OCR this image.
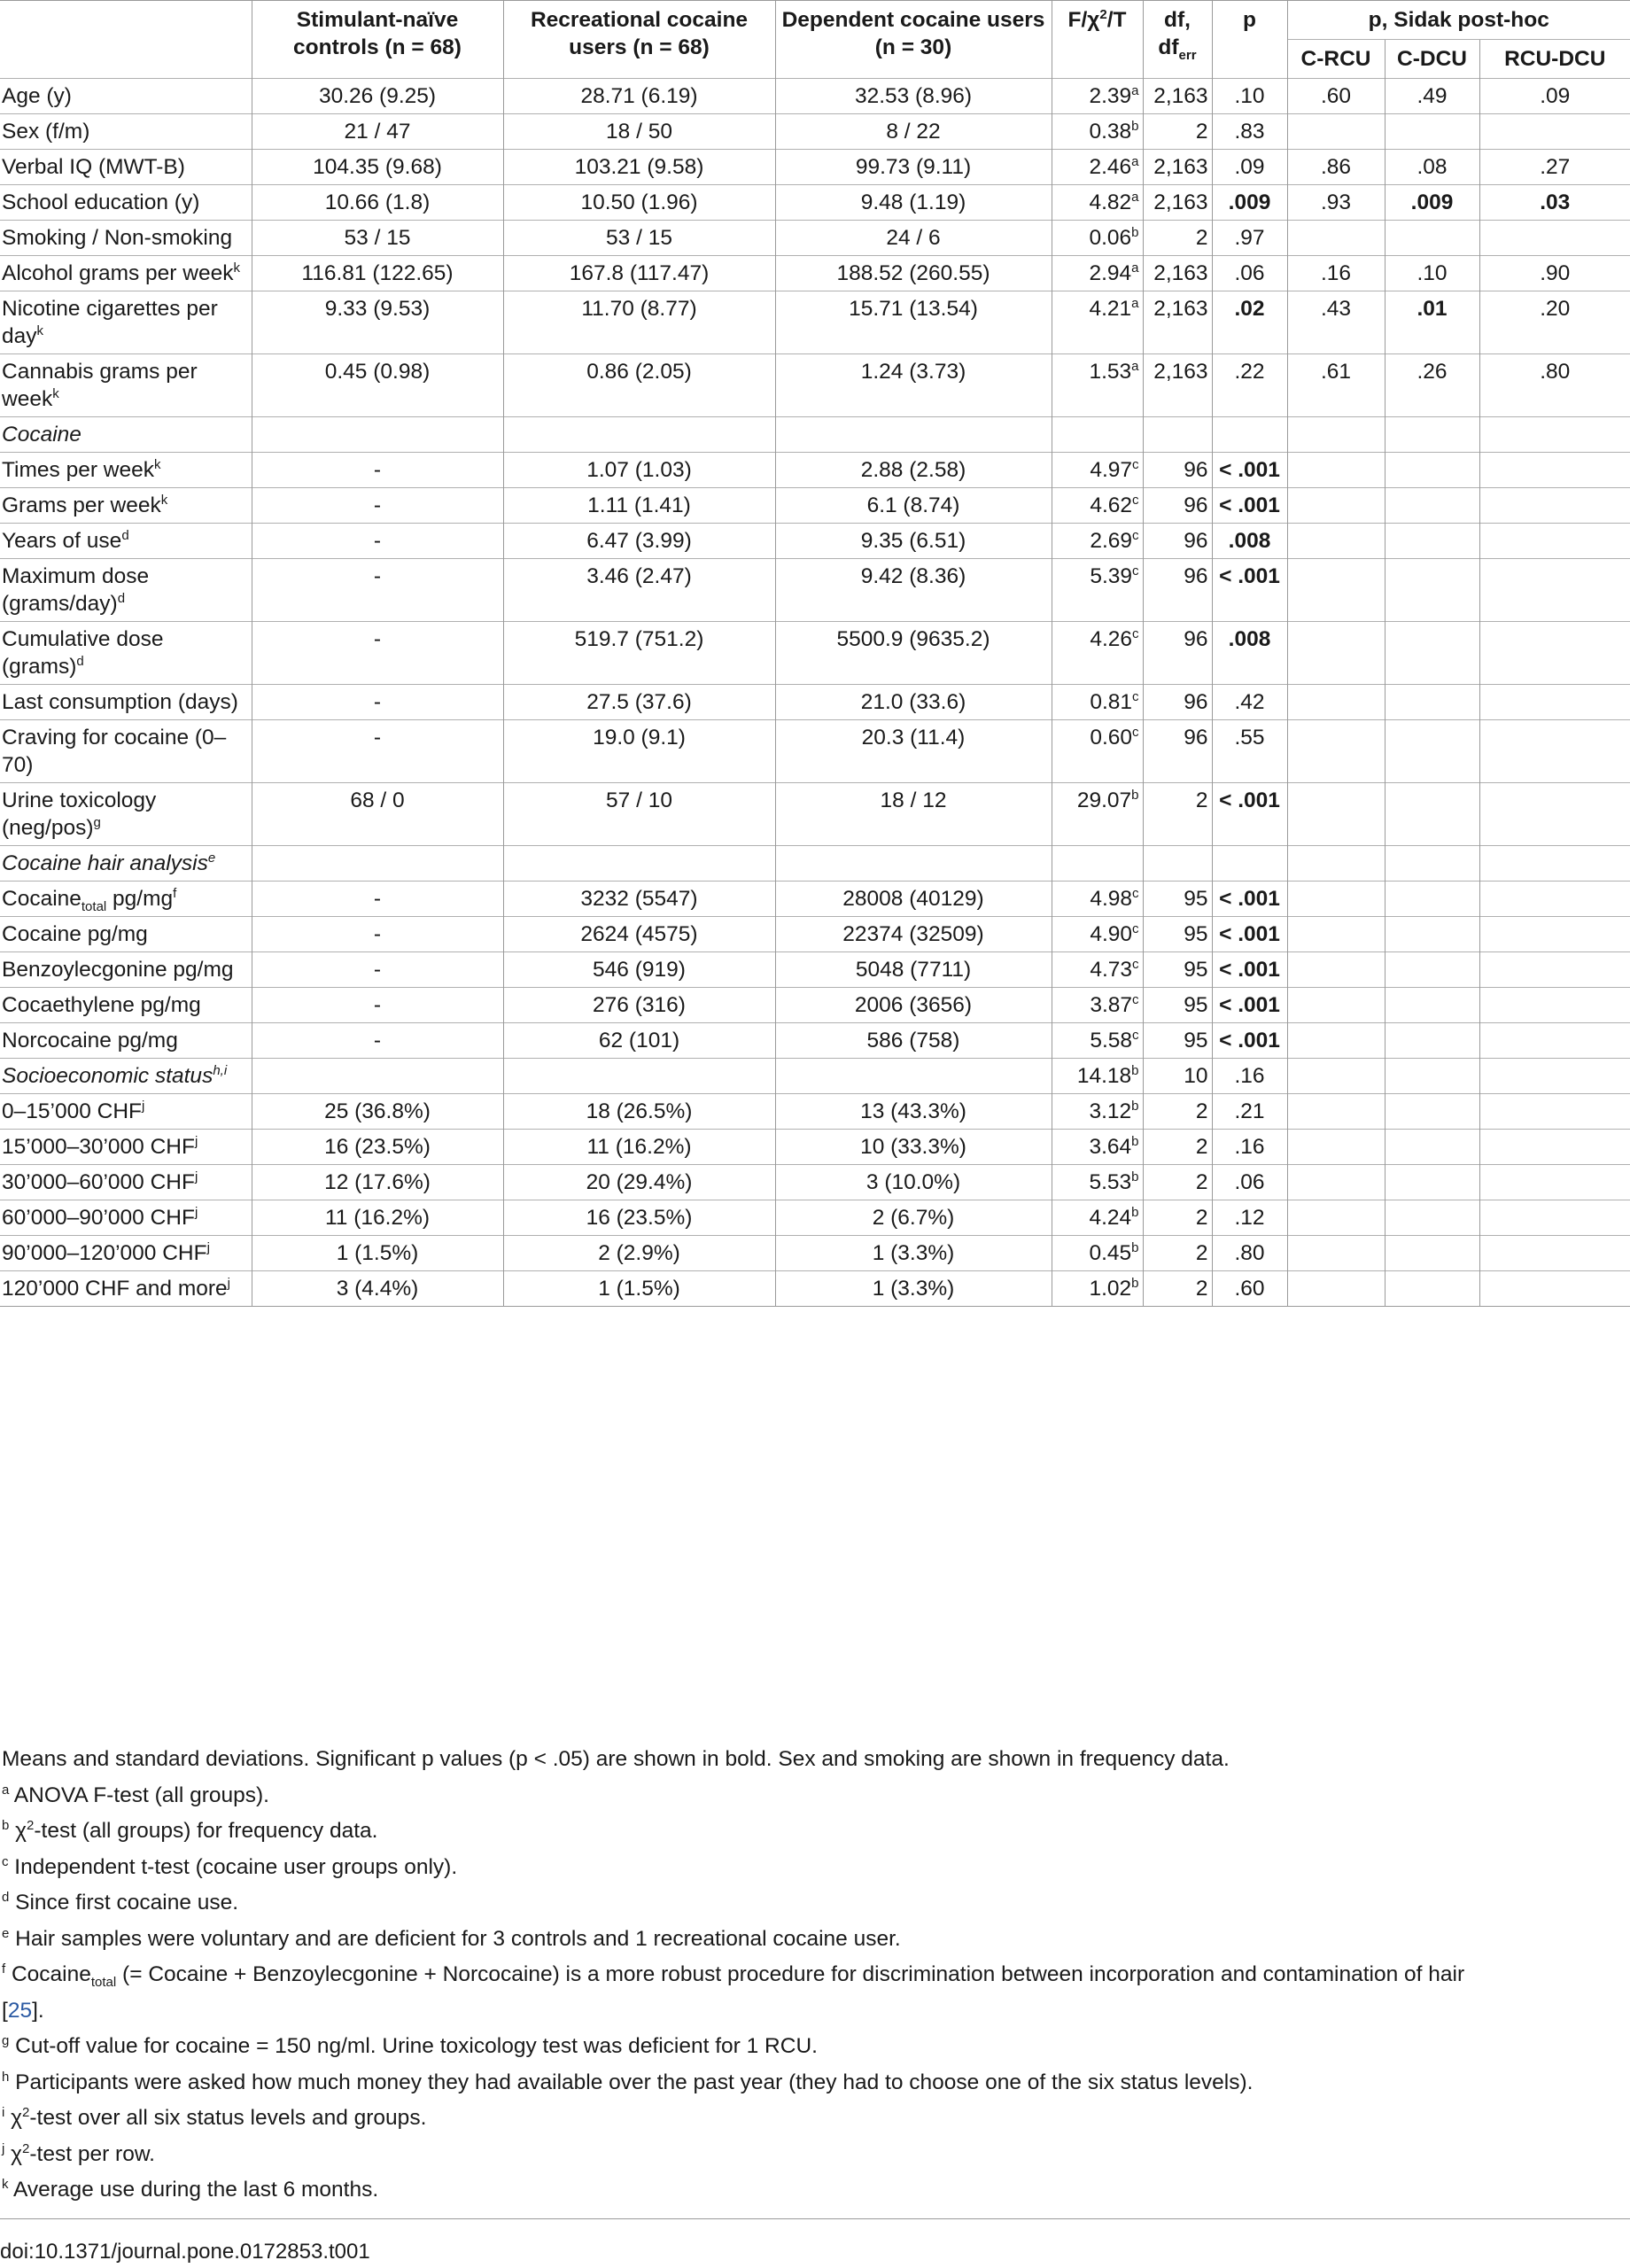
	Stimulant-naïve controls (n = 68)	Recreational cocaine users (n = 68)	Dependent cocaine users (n = 30)	$F/\chi^2/T$	df,
$df_{err}$	p	p, Sidak post-hoc		
							C-RCU	C-DCU	RCU-DCU
Age (y)	30.26 (9.25)	28.71 (6.19)	32.53 (8.96)	2.39$^a$	2,163	.10	.60	.49	.09
Sex (f/m)	21 / 47	18 / 50	8 / 22	0.38$^b$	2	.83			
Verbal IQ (MWT-B)	104.35 (9.68)	103.21 (9.58)	99.73 (9.11)	2.46$^a$	2,163	.09	.86	.08	.27
School education (y)	10.66 (1.8)	10.50 (1.96)	9.48 (1.19)	4.82$^a$	2,163	.009	.93	.009	.03
Smoking / Non-smoking	53 / 15	53 / 15	24 / 6	0.06$^b$	2	.97			
Alcohol grams per week$^k$	116.81 (122.65)	167.8 (117.47)	188.52 (260.55)	2.94$^a$	2,163	.06	.16	.10	.90
Nicotine cigarettes per day$^k$	9.33 (9.53)	11.70 (8.77)	15.71 (13.54)	4.21$^a$	2,163	.02	.43	.01	.20
Cannabis grams per week$^k$	0.45 (0.98)	0.86 (2.05)	1.24 (3.73)	1.53$^a$	2,163	.22	.61	.26	.80
Cocaine									
Times per week$^k$	-	1.07 (1.03)	2.88 (2.58)	4.97$^c$	96	< .001			
Grams per week$^k$	-	1.11 (1.41)	6.1 (8.74)	4.62$^c$	96	< .001			
Years of use$^d$	-	6.47 (3.99)	9.35 (6.51)	2.69$^c$	96	.008			
Maximum dose (grams/day)$^d$	-	3.46 (2.47)	9.42 (8.36)	5.39$^c$	96	< .001			
Cumulative dose (grams)$^d$	-	519.7 (751.2)	5500.9 (9635.2)	4.26$^c$	96	.008			
Last consumption (days)	-	27.5 (37.6)	21.0 (33.6)	0.81$^c$	96	.42			
Craving for cocaine (0–70)	-	19.0 (9.1)	20.3 (11.4)	0.60$^c$	96	.55			
Urine toxicology $(neg/pos)^g$	68 / 0	57 / 10	18 / 12	29.07$^b$	2	< .001			
Cocaine hair analysis$^e$									
Cocaine$_{total}$ $pg/mg^f$	-	3232 (5547)	28008 (40129)	4.98$^c$	95	< .001			
Cocaine pg/mg	-	2624 (4575)	22374 (32509)	4.90$^c$	95	< .001			
Benzoylecgonine pg/mg	-	546 (919)	5048 (7711)	4.73$^c$	95	< .001			
Cocaethylene pg/mg	-	276 (316)	2006 (3656)	3.87$^c$	95	< .001			
Norcocaine pg/mg	-	62 (101)	586 (758)	5.58$^c$	95	< .001			
Socioeconomic status$^{h,i}$				14.18$^b$	10	.16			
0–15’000 CHF$^j$	25 (36.8%)	18 (26.5%)	13 (43.3%)	3.12$^b$	2	.21			
15’000–30’000 CHF$^j$	16 (23.5%)	11 (16.2%)	10 (33.3%)	3.64$^b$	2	.16			
30’000–60’000 CHF$^j$	12 (17.6%)	20 (29.4%)	3 (10.0%)	5.53$^b$	2	.06			
60’000–90’000 CHF$^j$	11 (16.2%)	16 (23.5%)	2 (6.7%)	4.24$^b$	2	.12			
90’000–120’000 CHF$^j$	1 (1.5%)	2 (2.9%)	1 (3.3%)	0.45$^b$	2	.80			
120’000 CHF and more$^j$	3 (4.4%)	1 (1.5%)	1 (3.3%)	1.02$^b$	2	.60			
Means and standard deviations. Significant p values (p < .05) are shown in bold. Sex and smoking are shown in frequency data.
$^a$ ANOVA F-test (all groups).
$^b$ $\chi^2$-test (all groups) for frequency data.
$^c$ Independent t-test (cocaine user groups only).
$^d$ Since first cocaine use.
$^e$ Hair samples were voluntary and are deficient for 3 controls and 1 recreational cocaine user.
$^f$ Cocaine$_{total}$ (= Cocaine + Benzoylecgonine + Norcocaine) is a more robust procedure for discrimination between incorporation and contamination of hair
[25].
$^g$ Cut-off value for cocaine = 150 ng/ml. Urine toxicology test was deficient for 1 RCU.
$^h$ Participants were asked how much money they had available over the past year (they had to choose one of the six status levels).
$^i$ $\chi^2$-test over all six status levels and groups.
$^j$ $\chi^2$-test per row.
$^k$ Average use during the last 6 months.
doi:10.1371/journal.pone.0172853.t001
